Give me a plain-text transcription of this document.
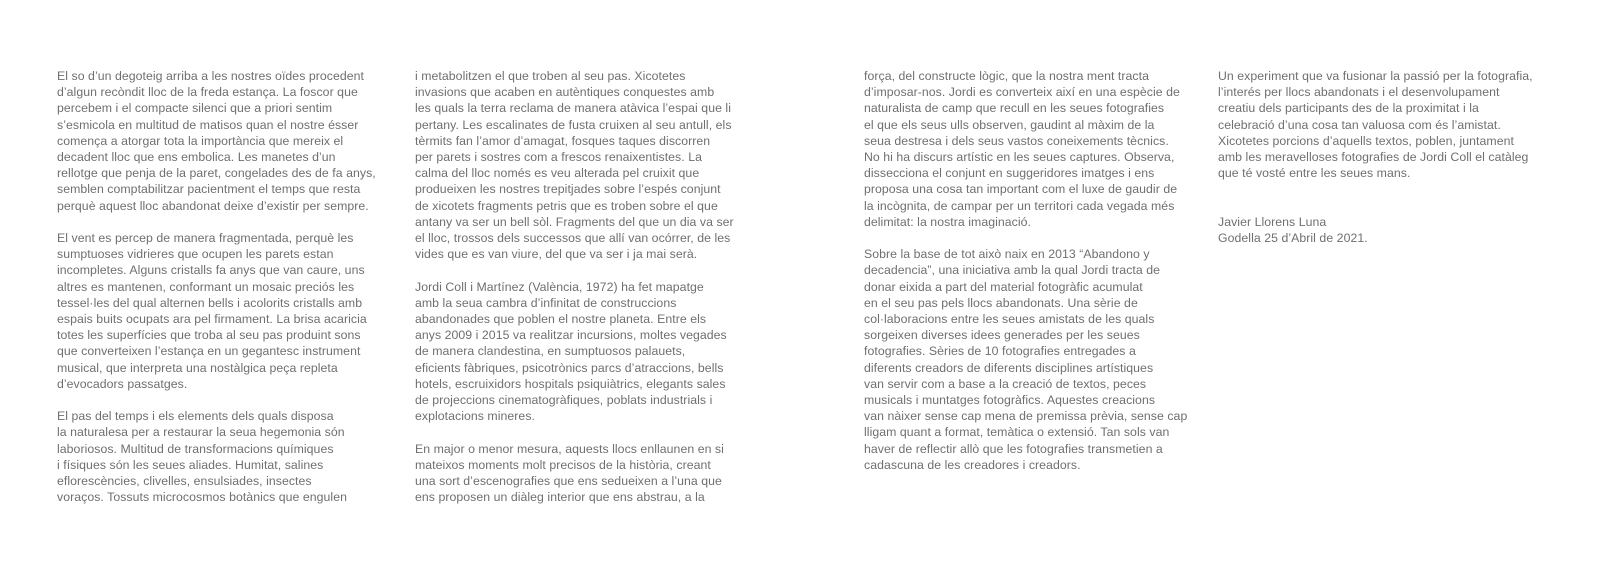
El so d’un degoteig arriba a les nostres oïdes procedent
d’algun recòndit lloc de la freda estança. La foscor que
percebem i el compacte silenci que a priori sentim
s’esmicola en multitud de matisos quan el nostre ésser
comença a atorgar tota la importància que mereix el
decadent lloc que ens embolica. Les manetes d’un
rellotge que penja de la paret, congelades des de fa anys,
semblen comptabilitzar pacientment el temps que resta
perquè aquest lloc abandonat deixe d’existir per sempre.

El vent es percep de manera fragmentada, perquè les
sumptuoses vidrieres que ocupen les parets estan
incompletes. Alguns cristalls fa anys que van caure, uns
altres es mantenen, conformant un mosaic preciós les
tessel·les del qual alternen bells i acolorits cristalls amb
espais buits ocupats ara pel firmament. La brisa acaricia
totes les superfícies que troba al seu pas produint sons
que converteixen l’estança en un gegantesc instrument
musical, que interpreta una nostàlgica peça repleta
d’evocadors passatges.

El pas del temps i els elements dels quals disposa
la naturalesa per a restaurar la seua hegemonia són
laboriosos. Multitud de transformacions químiques
i físiques són les seues aliades. Humitat, salines
eflorescències, clivelles, ensulsiades, insectes
voraços. Tossuts microcosmos botànics que engulen

i metabolitzen el que troben al seu pas. Xicotetes
invasions que acaben en autèntiques conquestes amb
les quals la terra reclama de manera atàvica l’espai que li
pertany. Les escalinates de fusta cruixen al seu antull, els
tèrmits fan l’amor d’amagat, fosques taques discorren
per parets i sostres com a frescos renaixentistes. La
calma del lloc només es veu alterada pel cruixit que
produeixen les nostres trepitjades sobre l’espés conjunt
de xicotets fragments petris que es troben sobre el que
antany va ser un bell sòl. Fragments del que un dia va ser
el lloc, trossos dels successos que allí van ocórrer, de les
vides que es van viure, del que va ser i ja mai serà.

Jordi Coll i Martínez (València, 1972) ha fet mapatge
amb la seua cambra d’infinitat de construccions
abandonades que poblen el nostre planeta. Entre els
anys 2009 i 2015 va realitzar incursions, moltes vegades
de manera clandestina, en sumptuosos palauets,
eficients fàbriques, psicotrònics parcs d’atraccions, bells
hotels, escruixidors hospitals psiquiàtrics, elegants sales
de projeccions cinematogràfiques, poblats industrials i
explotacions mineres.

En major o menor mesura, aquests llocs enllaunen en si
mateixos moments molt precisos de la història, creant
una sort d’escenografies que ens sedueixen a l’una que
ens proposen un diàleg interior que ens abstrau, a la

força, del constructe lògic, que la nostra ment tracta
d’imposar-nos. Jordi es converteix així en una espècie de
naturalista de camp que recull en les seues fotografies
el que els seus ulls observen, gaudint al màxim de la
seua destresa i dels seus vastos coneixements tècnics.
No hi ha discurs artístic en les seues captures. Observa,
dissecciona el conjunt en suggeridores imatges i ens
proposa una cosa tan important com el luxe de gaudir de
la incògnita, de campar per un territori cada vegada més
delimitat: la nostra imaginació.

Sobre la base de tot això naix en 2013 “Abandono y
decadencia”, una iniciativa amb la qual Jordi tracta de
donar eixida a part del material fotogràfic acumulat
en el seu pas pels llocs abandonats. Una sèrie de
col·laboracions entre les seues amistats de les quals
sorgeixen diverses idees generades per les seues
fotografies. Sèries de 10 fotografies entregades a
diferents creadors de diferents disciplines artístiques
van servir com a base a la creació de textos, peces
musicals i muntatges fotogràfics. Aquestes creacions
van nàixer sense cap mena de premissa prèvia, sense cap
lligam quant a format, temàtica o extensió. Tan sols van
haver de reflectir allò que les fotografies transmetien a
cadascuna de les creadores i creadors.

Un experiment que va fusionar la passió per la fotografia,
l’interés per llocs abandonats i el desenvolupament
creatiu dels participants des de la proximitat i la
celebració d’una cosa tan valuosa com és l’amistat.
Xicotetes porcions d’aquells textos, poblen, juntament
amb les meravelloses fotografies de Jordi Coll el catàleg
que té vosté entre les seues mans.

Javier Llorens Luna
Godella 25 d’Abril de 2021.
